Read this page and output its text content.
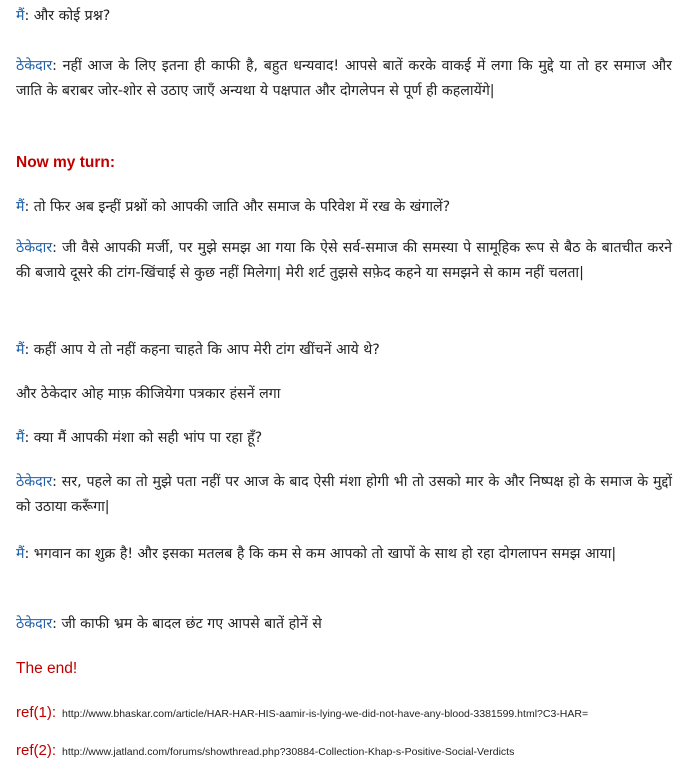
मैं: और कोई प्रश्न?

ठेकेदार: नहीं आज के लिए इतना ही काफी है, बहुत धन्यवाद! आपसे बातें करके वाकई में लगा कि मुद्दे या तो हर समाज और जाति के बराबर जोर-शोर से उठाए जाएँ अन्यथा ये पक्षपात और दोगलेपन से पूर्ण ही कहलायेंगे|

Now my turn:

मैं: तो फिर अब इन्हीं प्रश्नों को आपकी जाति और समाज के परिवेश में रख के खंगालें?

ठेकेदार: जी वैसे आपकी मर्जी, पर मुझे समझ आ गया कि ऐसे सर्व-समाज की समस्या पे सामूहिक रूप से बैठ के बातचीत करने की बजाये दूसरे की टांग-खिंचाई से कुछ नहीं मिलेगा| मेरी शर्ट तुझसे सफ़ेद कहने या समझने से काम नहीं चलता|

मैं: कहीं आप ये तो नहीं कहना चाहते कि आप मेरी टांग खींचनें आये थे?

और ठेकेदार ओह माफ़ कीजियेगा पत्रकार हंसनें लगा

मैं: क्या मैं आपकी मंशा को सही भांप पा रहा हूँ?

ठेकेदार: सर, पहले का तो मुझे पता नहीं पर आज के बाद ऐसी मंशा होगी भी तो उसको मार के और निष्पक्ष हो के समाज के मुद्दों को उठाया करूँगा|

मैं: भगवान का शुक्र है! और इसका मतलब है कि कम से कम आपको तो खापों के साथ हो रहा दोगलापन समझ आया|

ठेकेदार: जी काफी भ्रम के बादल छंट गए आपसे बातें होनें से

The end!

ref(1): http://www.bhaskar.com/article/HAR-HAR-HIS-aamir-is-lying-we-did-not-have-any-blood-3381599.html?C3-HAR=

ref(2): http://www.jatland.com/forums/showthread.php?30884-Collection-Khap-s-Positive-Social-Verdicts
